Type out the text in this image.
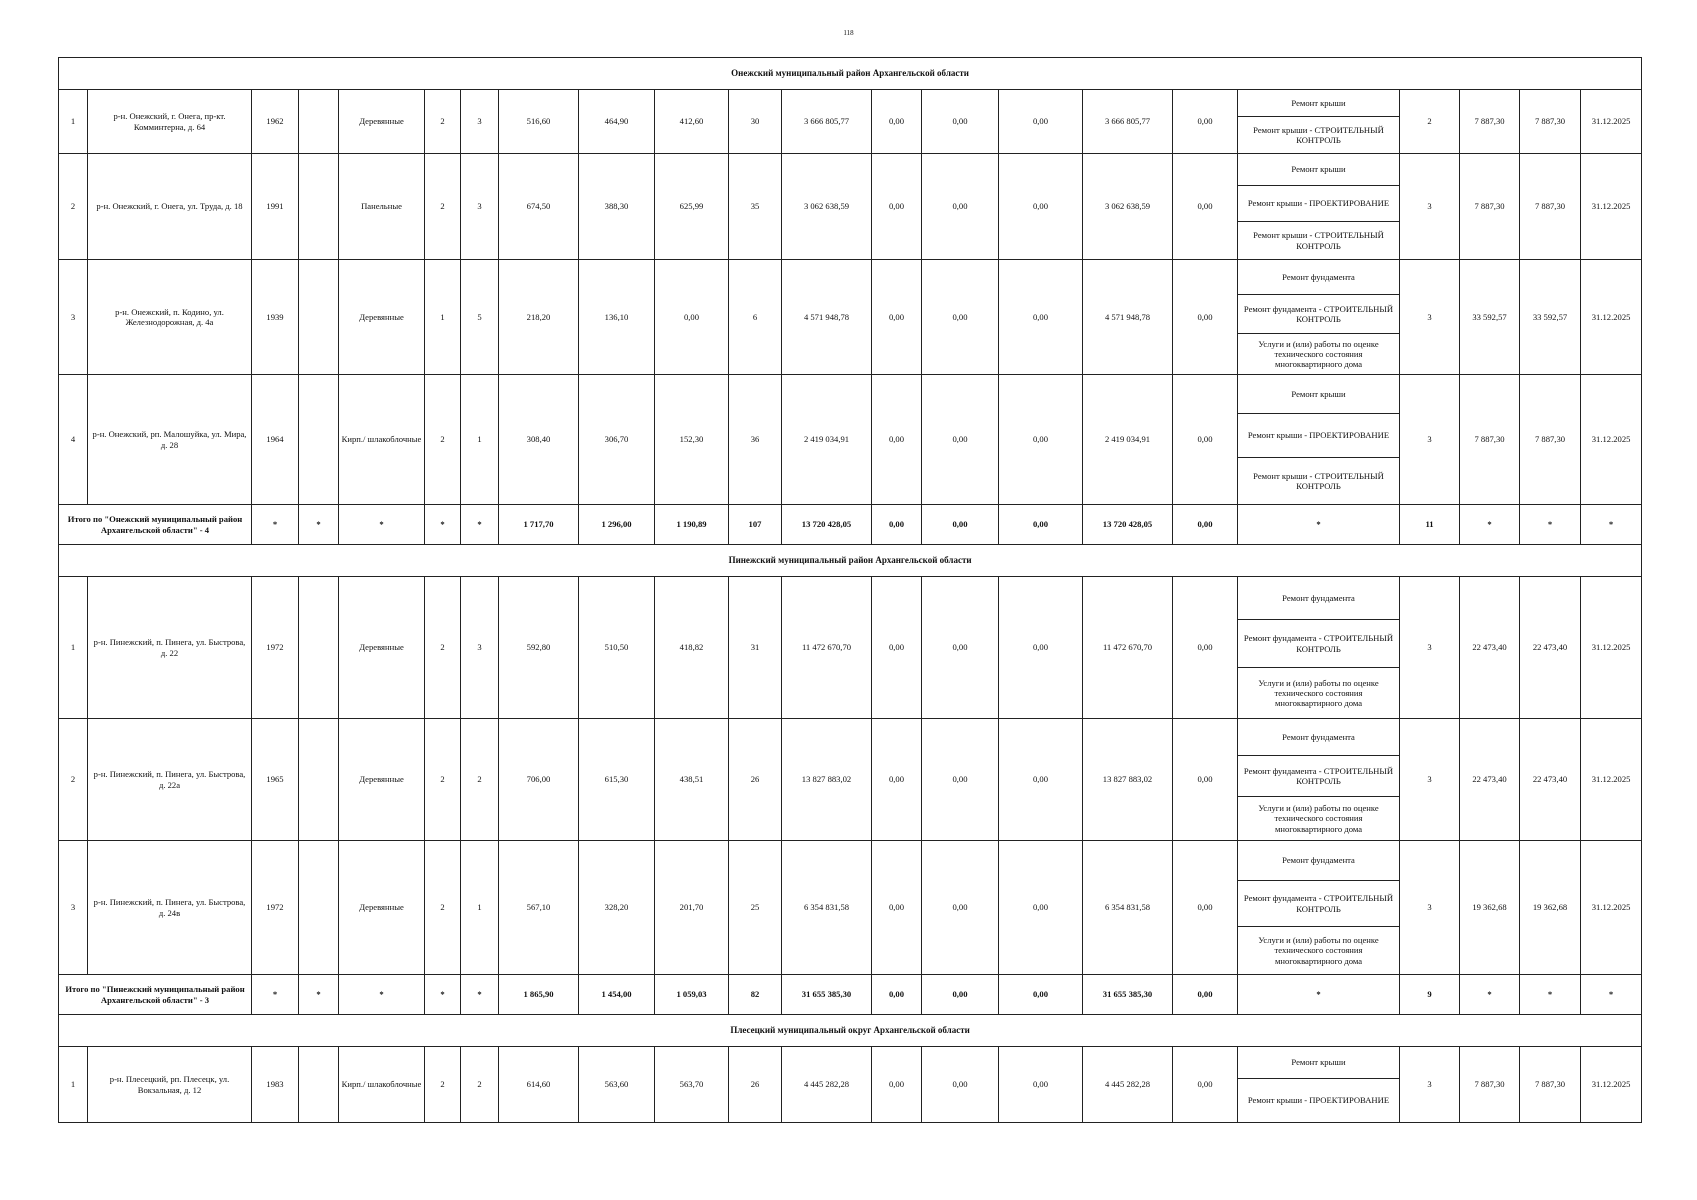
118
Онежский муниципальный район Архангельской области																					
1	р-н. Онежский, г. Онега, пр-кт. Комминтерна, д. 64	1962		Деревянные	2	3	516,60	464,90	412,60	30	3 666 805,77	0,00	0,00	0,00	3 666 805,77	0,00	Ремонт крыши	2	7 887,30	7 887,30	31.12.2025
																	Ремонт крыши - СТРОИТЕЛЬНЫЙ КОНТРОЛЬ				
2	р-н. Онежский, г. Онега, ул. Труда, д. 18	1991		Панельные	2	3	674,50	388,30	625,99	35	3 062 638,59	0,00	0,00	0,00	3 062 638,59	0,00	Ремонт крыши	3	7 887,30	7 887,30	31.12.2025
																	Ремонт крыши - ПРОЕКТИРОВАНИЕ				
																	Ремонт крыши - СТРОИТЕЛЬНЫЙ КОНТРОЛЬ				
3	р-н. Онежский, п. Кодино, ул. Железнодорожная, д. 4а	1939		Деревянные	1	5	218,20	136,10	0,00	6	4 571 948,78	0,00	0,00	0,00	4 571 948,78	0,00	Ремонт фундамента	3	33 592,57	33 592,57	31.12.2025
																	Ремонт фундамента - СТРОИТЕЛЬНЫЙ КОНТРОЛЬ				
																	Услуги и (или) работы по оценке технического состояния многоквартирного дома				
4	р-н. Онежский, рп. Малошуйка, ул. Мира, д. 28	1964		Кирп./ шлакоблочные	2	1	308,40	306,70	152,30	36	2 419 034,91	0,00	0,00	0,00	2 419 034,91	0,00	Ремонт крыши	3	7 887,30	7 887,30	31.12.2025
																	Ремонт крыши - ПРОЕКТИРОВАНИЕ				
																	Ремонт крыши - СТРОИТЕЛЬНЫЙ КОНТРОЛЬ				
Итого по "Онежский муниципальный район Архангельской области" - 4		*	*	*	*	*	1 717,70	1 296,00	1 190,89	107	13 720 428,05	0,00	0,00	0,00	13 720 428,05	0,00	*	11	*	*	*
Пинежский муниципальный район Архангельской области																					
1	р-н. Пинежский, п. Пинега, ул. Быстрова, д. 22	1972		Деревянные	2	3	592,80	510,50	418,82	31	11 472 670,70	0,00	0,00	0,00	11 472 670,70	0,00	Ремонт фундамента	3	22 473,40	22 473,40	31.12.2025
																	Ремонт фундамента - СТРОИТЕЛЬНЫЙ КОНТРОЛЬ				
																	Услуги и (или) работы по оценке технического состояния многоквартирного дома				
2	р-н. Пинежский, п. Пинега, ул. Быстрова, д. 22а	1965		Деревянные	2	2	706,00	615,30	438,51	26	13 827 883,02	0,00	0,00	0,00	13 827 883,02	0,00	Ремонт фундамента	3	22 473,40	22 473,40	31.12.2025
																	Ремонт фундамента - СТРОИТЕЛЬНЫЙ КОНТРОЛЬ				
																	Услуги и (или) работы по оценке технического состояния многоквартирного дома				
3	р-н. Пинежский, п. Пинега, ул. Быстрова, д. 24в	1972		Деревянные	2	1	567,10	328,20	201,70	25	6 354 831,58	0,00	0,00	0,00	6 354 831,58	0,00	Ремонт фундамента	3	19 362,68	19 362,68	31.12.2025
																	Ремонт фундамента - СТРОИТЕЛЬНЫЙ КОНТРОЛЬ				
																	Услуги и (или) работы по оценке технического состояния многоквартирного дома				
Итого по "Пинежский муниципальный район Архангельской области" - 3		*	*	*	*	*	1 865,90	1 454,00	1 059,03	82	31 655 385,30	0,00	0,00	0,00	31 655 385,30	0,00	*	9	*	*	*
Плесецкий муниципальный округ Архангельской области																					
1	р-н. Плесецкий, рп. Плесецк, ул. Вокзальная, д. 12	1983		Кирп./ шлакоблочные	2	2	614,60	563,60	563,70	26	4 445 282,28	0,00	0,00	0,00	4 445 282,28	0,00	Ремонт крыши	3	7 887,30	7 887,30	31.12.2025
																	Ремонт крыши - ПРОЕКТИРОВАНИЕ				
